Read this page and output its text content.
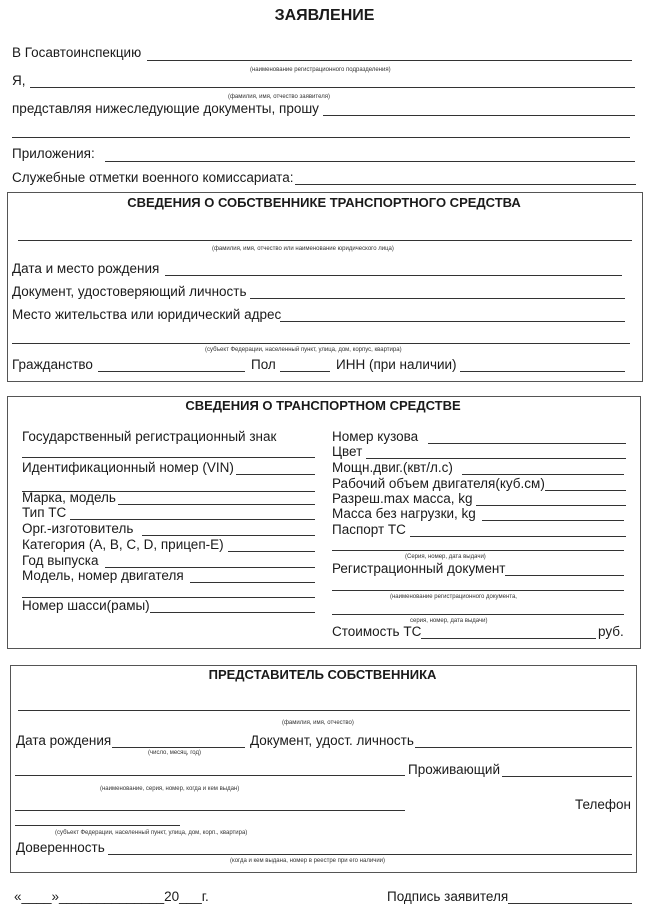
ЗАЯВЛЕНИЕ
В Госавтоинспекцию
(наименование регистрационного подразделения)
Я,
(фамилия, имя, отчество заявителя)
представляя нижеследующие документы, прошу
Приложения:
Служебные отметки военного комиссариата:
СВЕДЕНИЯ О СОБСТВЕННИКЕ ТРАНСПОРТНОГО СРЕДСТВА
(фамилия, имя, отчество или наименование юридического лица)
Дата и место рождения
Документ, удостоверяющий личность
Место жительства или юридический адрес
(субъект Федерации, населенный пункт, улица, дом, корпус, квартира)
Гражданство	Пол	ИНН (при наличии)
СВЕДЕНИЯ О ТРАНСПОРТНОМ СРЕДСТВЕ
Государственный регистрационный знак
Идентификационный номер (VIN)
Марка, модель
Тип ТС
Орг.-изготовитель
Категория (A, B, C, D, прицеп-E)
Год выпуска
Модель, номер двигателя
Номер шасси(рамы)
Номер кузова
Цвет
Мощн.двиг.(квт/л.с)
Рабочий объем двигателя(куб.см)
Разреш.max масса, kg
Масса без нагрузки, kg
Паспорт ТС
(Серия, номер, дата выдачи)
Регистрационный документ
(наименование регистрационного документа,
серия, номер, дата выдачи)
Стоимость ТС	руб.
ПРЕДСТАВИТЕЛЬ СОБСТВЕННИКА
(фамилия, имя, отчество)
Дата рождения
(число, месяц, год)
Документ, удост. личность
Проживающий
(наименование, серия, номер, когда и кем выдан)
Телефон
(субъект Федерации, населенный пункт, улица, дом, корп., квартира)
Доверенность
(когда и кем выдана, номер в реестре при его наличии)
«____»______________20___г.	Подпись заявителя
